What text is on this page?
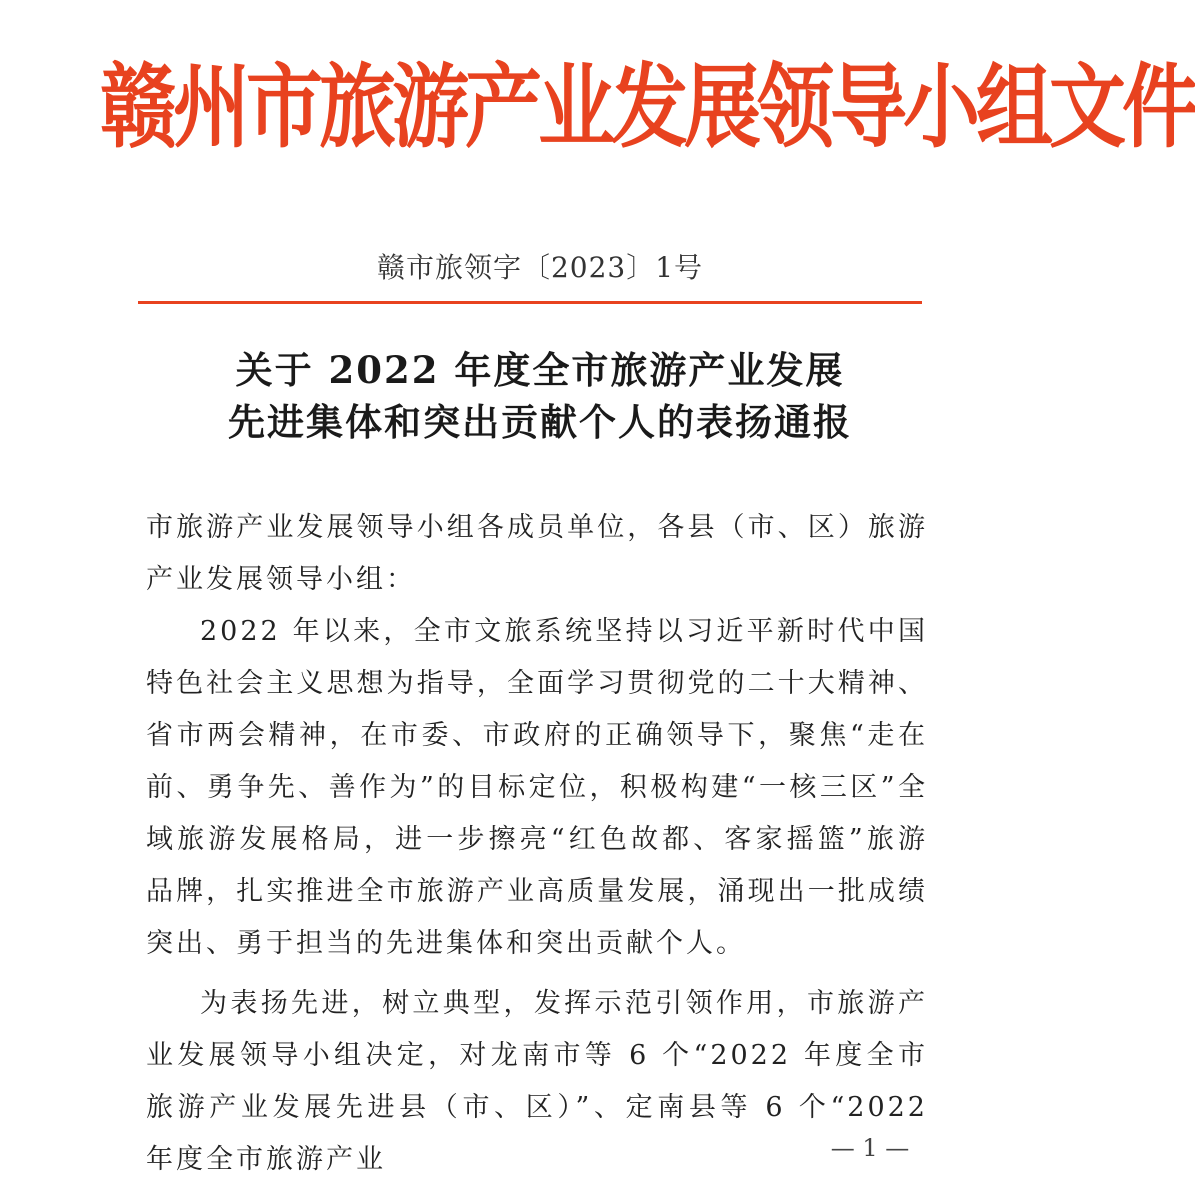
赣州市旅游产业发展领导小组文件
赣市旅领字〔2023〕1号
关于 2022 年度全市旅游产业发展
先进集体和突出贡献个人的表扬通报

市旅游产业发展领导小组各成员单位，各县（市、区）旅游产业发展领导小组：

2022 年以来，全市文旅系统坚持以习近平新时代中国特色社会主义思想为指导，全面学习贯彻党的二十大精神、省市两会精神，在市委、市政府的正确领导下，聚焦“走在前、勇争先、善作为”的目标定位，积极构建“一核三区”全域旅游发展格局，进一步擦亮“红色故都、客家摇篮”旅游品牌，扎实推进全市旅游产业高质量发展，涌现出一批成绩突出、勇于担当的先进集体和突出贡献个人。

为表扬先进，树立典型，发挥示范引领作用，市旅游产业发展领导小组决定，对龙南市等 6 个“2022 年度全市旅游产业发展先进县（市、区）”、定南县等 6 个“2022 年度全市旅游产业	— 1 —
